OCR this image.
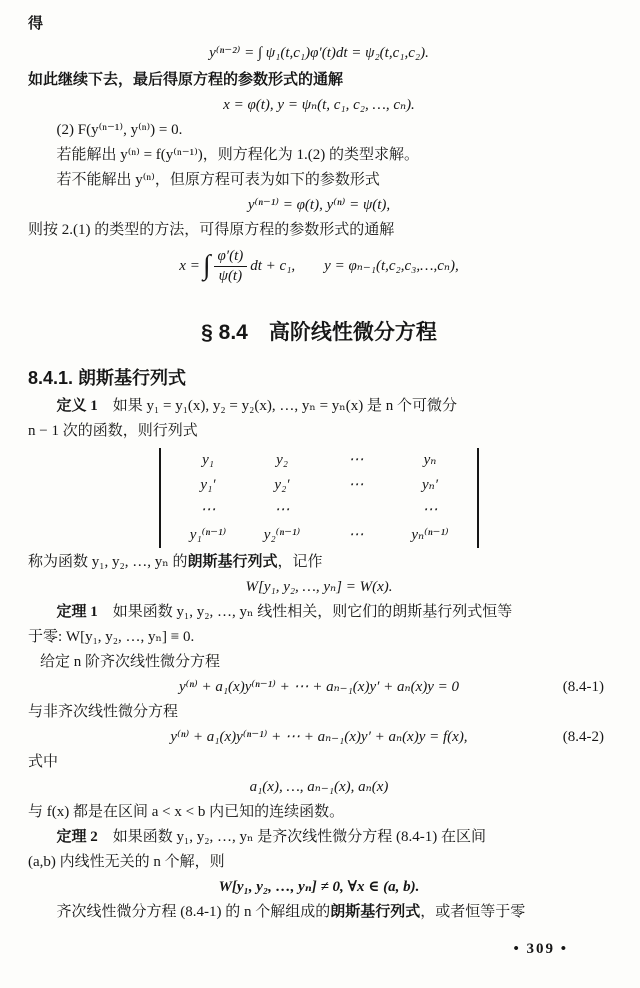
得
y⁽ⁿ⁻²⁾ = ∫ ψ₁(t,c₁)φ′(t)dt = ψ₂(t,c₁,c₂).
如此继续下去，最后得原方程的参数形式的通解
x = φ(t), y = ψₙ(t, c₁, c₂, …, cₙ).
(2) F(y⁽ⁿ⁻¹⁾, y⁽ⁿ⁾) = 0.
若能解出 y⁽ⁿ⁾ = f(y⁽ⁿ⁻¹⁾)，则方程化为 1.(2) 的类型求解。
若不能解出 y⁽ⁿ⁾，但原方程可表为如下的参数形式
y⁽ⁿ⁻¹⁾ = φ(t), y⁽ⁿ⁾ = ψ(t),
则按 2.(1) 的类型的方法，可得原方程的参数形式的通解
x = ∫ $\frac{\varphi'(t)}{\psi(t)}$ dt + c₁, y = φₙ₋₁(t,c₂,c₃,…,cₙ),
§ 8.4　高阶线性微分方程
8.4.1. 朗斯基行列式
定义 1　如果 y₁ = y₁(x), y₂ = y₂(x), …, yₙ = yₙ(x) 是 n 个可微分
n − 1 次的函数，则行列式
y₁	y₂	⋯	yₙ
y₁′	y₂′	⋯	yₙ′
⋯	⋯		⋯
y₁⁽ⁿ⁻¹⁾	y₂⁽ⁿ⁻¹⁾	⋯	yₙ⁽ⁿ⁻¹⁾
称为函数 y₁, y₂, …, yₙ 的朗斯基行列式，记作
W[y₁, y₂, …, yₙ] = W(x).
定理 1　如果函数 y₁, y₂, …, yₙ 线性相关，则它们的朗斯基行列式恒等
于零: W[y₁, y₂, …, yₙ] ≡ 0.
给定 n 阶齐次线性微分方程
y⁽ⁿ⁾ + a₁(x)y⁽ⁿ⁻¹⁾ + ⋯ + aₙ₋₁(x)y′ + aₙ(x)y = 0	(8.4-1)
与非齐次线性微分方程
y⁽ⁿ⁾ + a₁(x)y⁽ⁿ⁻¹⁾ + ⋯ + aₙ₋₁(x)y′ + aₙ(x)y = f(x),	(8.4-2)
式中
a₁(x), …, aₙ₋₁(x), aₙ(x)
与 f(x) 都是在区间 a < x < b 内已知的连续函数。
定理 2　如果函数 y₁, y₂, …, yₙ 是齐次线性微分方程 (8.4-1) 在区间
(a,b) 内线性无关的 n 个解，则
W[y₁, y₂, …, yₙ] ≠ 0, ∀x ∈ (a, b).
齐次线性微分方程 (8.4-1) 的 n 个解组成的朗斯基行列式，或者恒等于零
• 309 •
